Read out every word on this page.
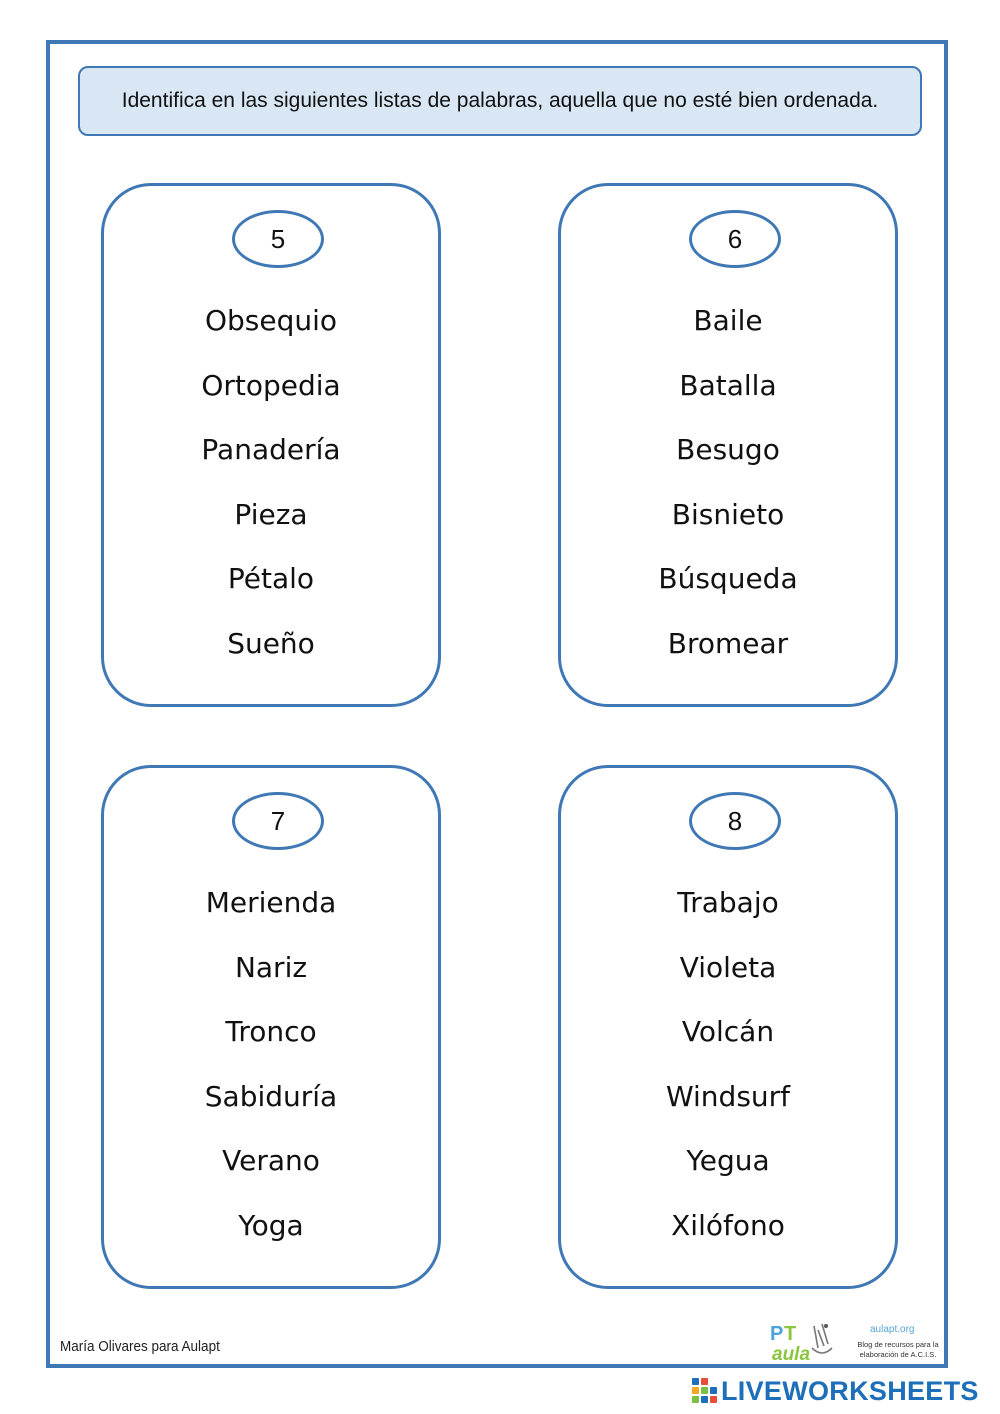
Identifica en las siguientes listas de palabras, aquella que no esté bien ordenada.
5
Obsequio
Ortopedia
Panadería
Pieza
Pétalo
Sueño
6
Baile
Batalla
Besugo
Bisnieto
Búsqueda
Bromear
7
Merienda
Nariz
Tronco
Sabiduría
Verano
Yoga
8
Trabajo
Violeta
Volcán
Windsurf
Yegua
Xilófono
María Olivares para Aulapt
P T
aula
aulapt.org
Blog de recursos para la elaboración de A.C.I.S.
LIVEWORKSHEETS
